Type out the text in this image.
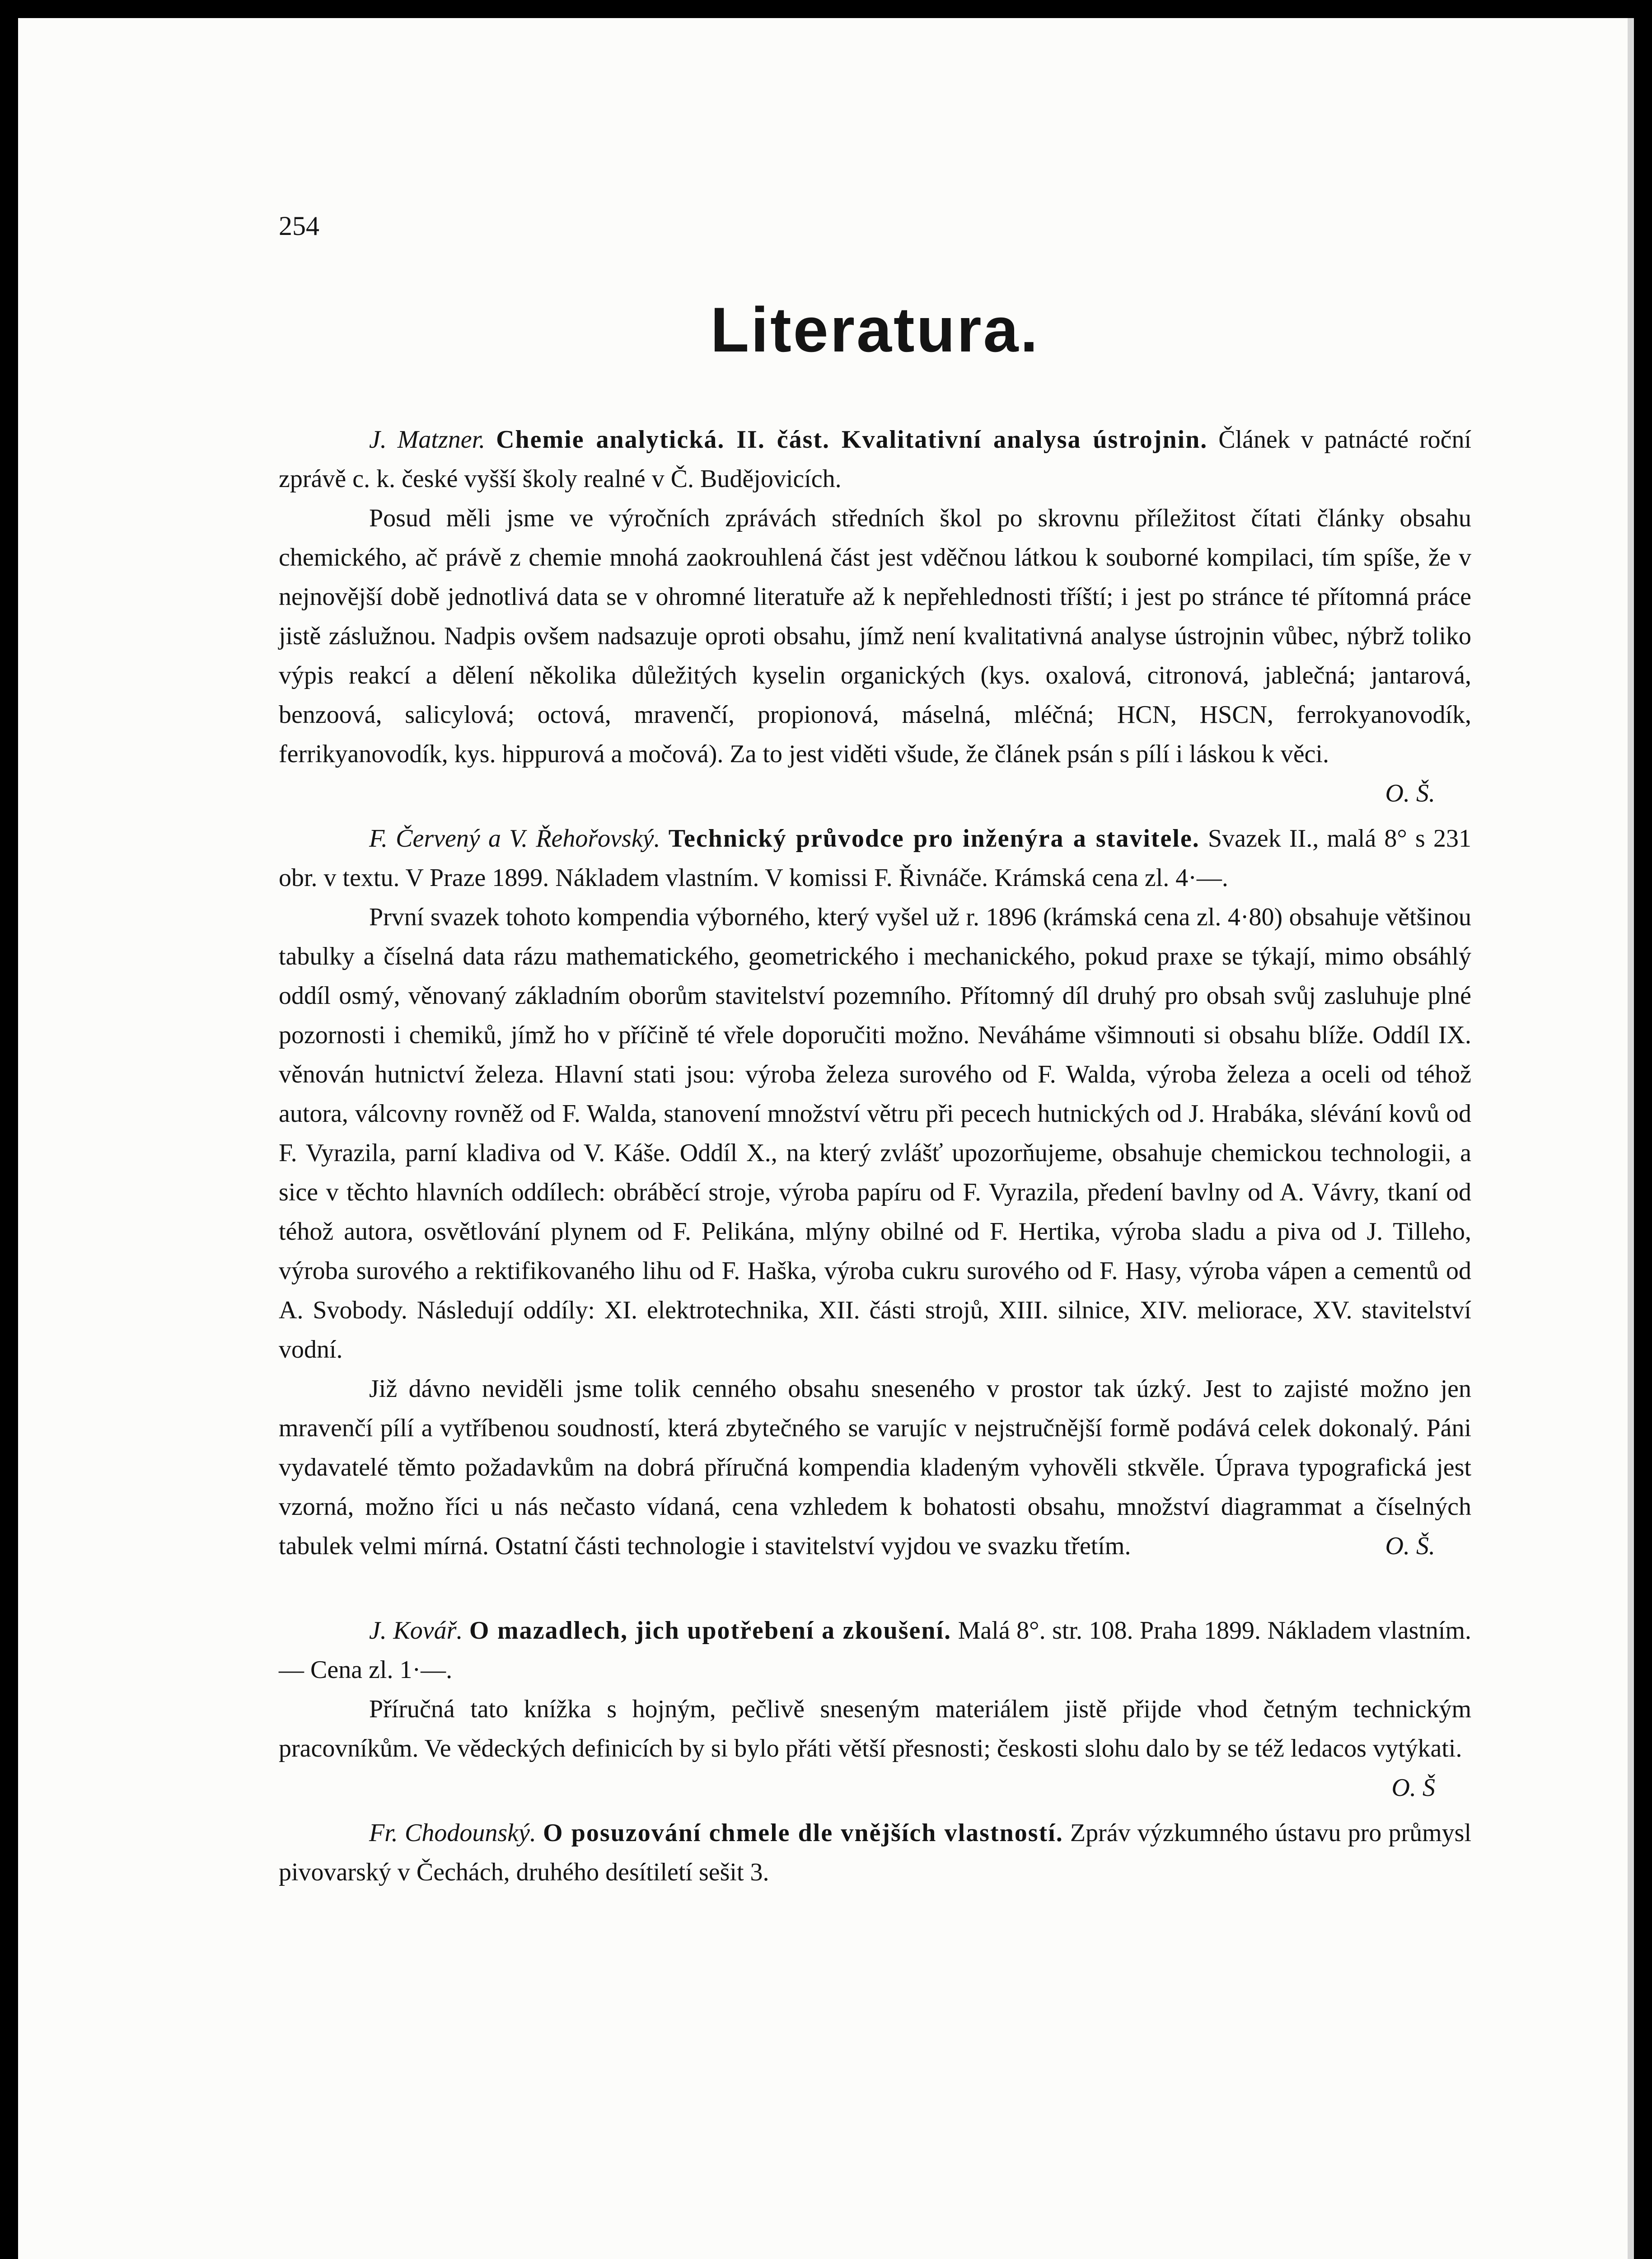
254
Literatura.

J. Matzner. Chemie analytická. II. část. Kvalitativní analysa ústrojnin. Článek v patnácté roční zprávě c. k. české vyšší školy realné v Č. Budějovicích.

Posud měli jsme ve výročních zprávách středních škol po skrovnu příležitost čítati články obsahu chemického, ač právě z chemie mnohá zaokrouhlená část jest vděčnou látkou k souborné kompilaci, tím spíše, že v nejnovější době jednotlivá data se v ohromné literatuře až k nepřehlednosti tříští; i jest po stránce té přítomná práce jistě záslužnou. Nadpis ovšem nadsazuje oproti obsahu, jímž není kvalitativná analyse ústrojnin vůbec, nýbrž toliko výpis reakcí a dělení několika důležitých kyselin organických (kys. oxalová, citronová, jablečná; jantarová, benzoová, salicylová; octová, mravenčí, propionová, máselná, mléčná; HCN, HSCN, ferrokyanovodík, ferrikyanovodík, kys. hippurová a močová). Za to jest viděti všude, že článek psán s pílí i láskou k věci.
O. Š.

F. Červený a V. Řehořovský. Technický průvodce pro inženýra a stavitele. Svazek II., malá 8° s 231 obr. v textu. V Praze 1899. Nákladem vlastním. V komissi F. Řivnáče. Krámská cena zl. 4·—.

První svazek tohoto kompendia výborného, který vyšel už r. 1896 (krámská cena zl. 4·80) obsahuje většinou tabulky a číselná data rázu mathematického, geometrického i mechanického, pokud praxe se týkají, mimo obsáhlý oddíl osmý, věnovaný základním oborům stavitelství pozemního. Přítomný díl druhý pro obsah svůj zasluhuje plné pozornosti i chemiků, jímž ho v příčině té vřele doporučiti možno. Neváháme všimnouti si obsahu blíže. Oddíl IX. věnován hutnictví železa. Hlavní stati jsou: výroba železa surového od F. Walda, výroba železa a oceli od téhož autora, válcovny rovněž od F. Walda, stanovení množství větru při pecech hutnických od J. Hrabáka, slévání kovů od F. Vyrazila, parní kladiva od V. Káše. Oddíl X., na který zvlášť upozorňujeme, obsahuje chemickou technologii, a sice v těchto hlavních oddílech: obráběcí stroje, výroba papíru od F. Vyrazila, předení bavlny od A. Vávry, tkaní od téhož autora, osvětlování plynem od F. Pelikána, mlýny obilné od F. Hertika, výroba sladu a piva od J. Tilleho, výroba surového a rektifikovaného lihu od F. Haška, výroba cukru surového od F. Hasy, výroba vápen a cementů od A. Svobody. Následují oddíly: XI. elektrotechnika, XII. části strojů, XIII. silnice, XIV. meliorace, XV. stavitelství vodní.

Již dávno neviděli jsme tolik cenného obsahu sneseného v prostor tak úzký. Jest to zajisté možno jen mravenčí pílí a vytříbenou soudností, která zbytečného se varujíc v nejstručnější formě podává celek dokonalý. Páni vydavatelé těmto požadavkům na dobrá příručná kompendia kladeným vyhověli stkvěle. Úprava typografická jest vzorná, možno říci u nás nečasto vídaná, cena vzhledem k bohatosti obsahu, množství diagrammat a číselných tabulek velmi mírná. Ostatní části technologie i stavitelství vyjdou ve svazku třetím.	O. Š.

J. Kovář. O mazadlech, jich upotřebení a zkoušení. Malá 8°. str. 108. Praha 1899. Nákladem vlastním. — Cena zl. 1·—.

Příručná tato knížka s hojným, pečlivě sneseným materiálem jistě přijde vhod četným technickým pracovníkům. Ve vědeckých definicích by si bylo přáti větší přesnosti; českosti slohu dalo by se též ledacos vytýkati.
O. Š

Fr. Chodounský. O posuzování chmele dle vnějších vlastností. Zpráv výzkumného ústavu pro průmysl pivovarský v Čechách, druhého desítiletí sešit 3.
